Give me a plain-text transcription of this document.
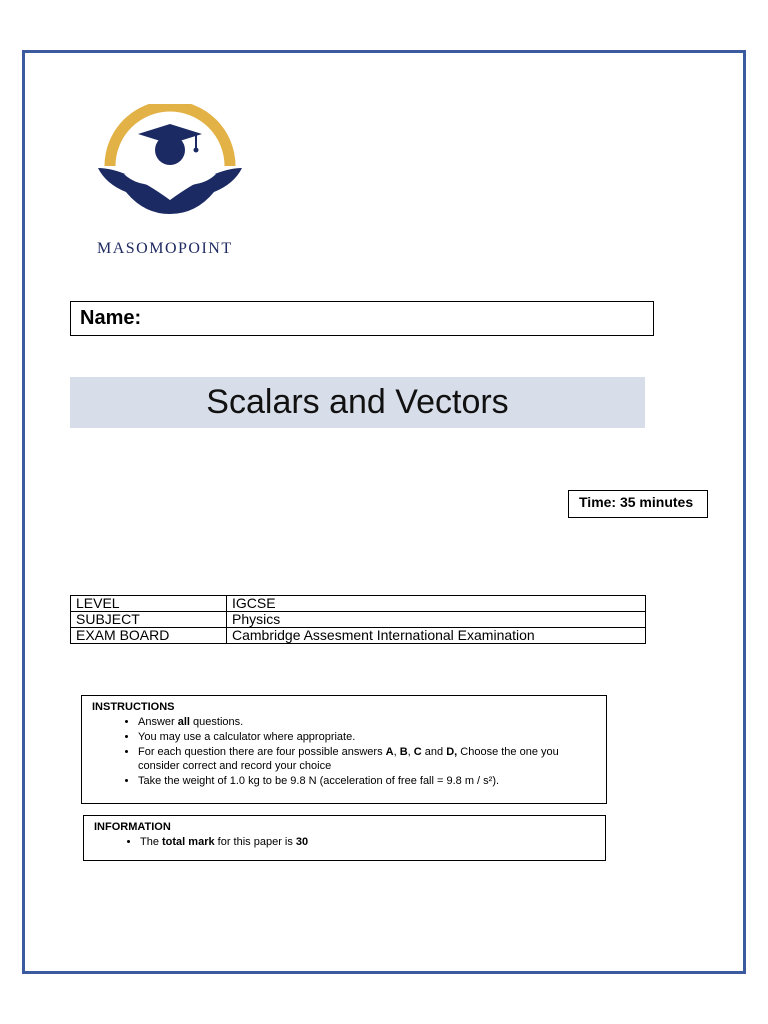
MASOMOPOINT
Name:
Scalars and Vectors
Time: 35 minutes
LEVEL	IGCSE
SUBJECT	Physics
EXAM BOARD	Cambridge Assesment International Examination
INSTRUCTIONS
• Answer all questions.
• You may use a calculator where appropriate.
• For each question there are four possible answers A, B, C and D, Choose the one you consider correct and record your choice
• Take the weight of 1.0 kg to be 9.8 N (acceleration of free fall = 9.8 m / s²).
INFORMATION
• The total mark for this paper is 30
